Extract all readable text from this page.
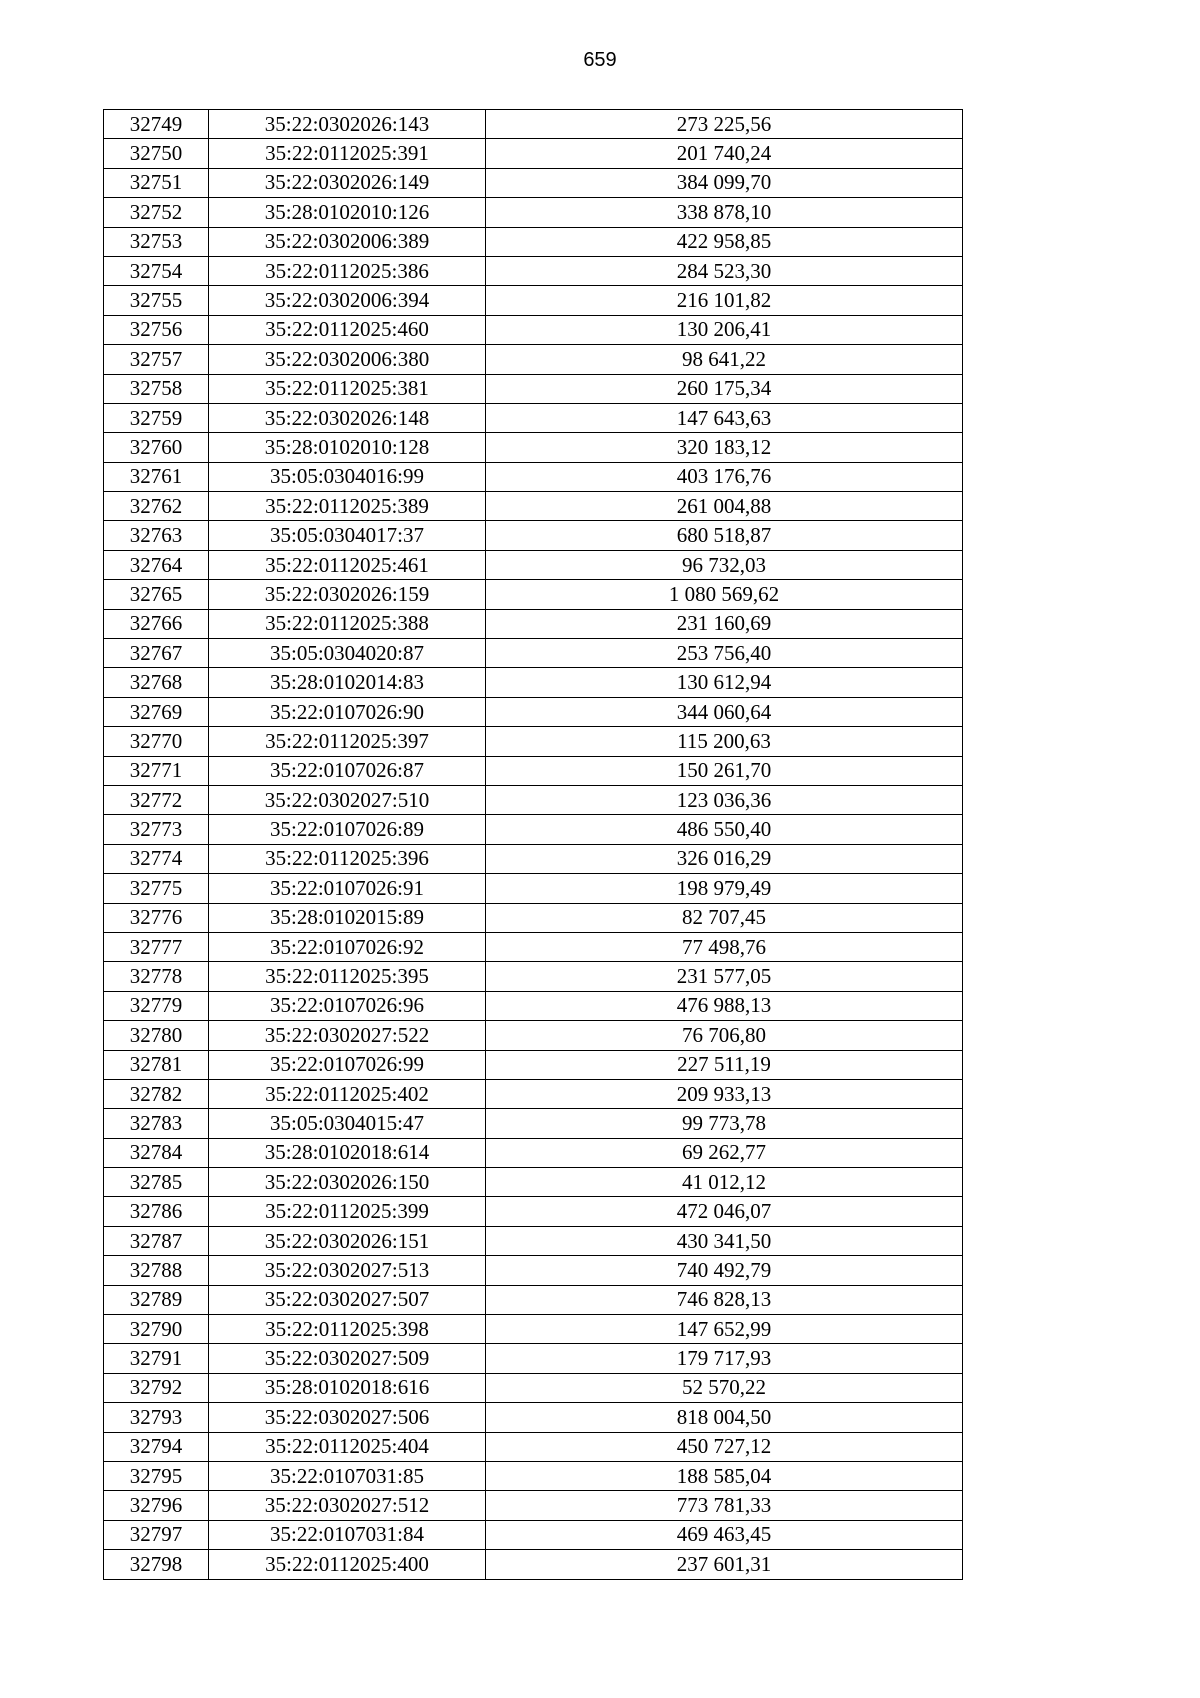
659
32749	35:22:0302026:143	273 225,56
32750	35:22:0112025:391	201 740,24
32751	35:22:0302026:149	384 099,70
32752	35:28:0102010:126	338 878,10
32753	35:22:0302006:389	422 958,85
32754	35:22:0112025:386	284 523,30
32755	35:22:0302006:394	216 101,82
32756	35:22:0112025:460	130 206,41
32757	35:22:0302006:380	98 641,22
32758	35:22:0112025:381	260 175,34
32759	35:22:0302026:148	147 643,63
32760	35:28:0102010:128	320 183,12
32761	35:05:0304016:99	403 176,76
32762	35:22:0112025:389	261 004,88
32763	35:05:0304017:37	680 518,87
32764	35:22:0112025:461	96 732,03
32765	35:22:0302026:159	1 080 569,62
32766	35:22:0112025:388	231 160,69
32767	35:05:0304020:87	253 756,40
32768	35:28:0102014:83	130 612,94
32769	35:22:0107026:90	344 060,64
32770	35:22:0112025:397	115 200,63
32771	35:22:0107026:87	150 261,70
32772	35:22:0302027:510	123 036,36
32773	35:22:0107026:89	486 550,40
32774	35:22:0112025:396	326 016,29
32775	35:22:0107026:91	198 979,49
32776	35:28:0102015:89	82 707,45
32777	35:22:0107026:92	77 498,76
32778	35:22:0112025:395	231 577,05
32779	35:22:0107026:96	476 988,13
32780	35:22:0302027:522	76 706,80
32781	35:22:0107026:99	227 511,19
32782	35:22:0112025:402	209 933,13
32783	35:05:0304015:47	99 773,78
32784	35:28:0102018:614	69 262,77
32785	35:22:0302026:150	41 012,12
32786	35:22:0112025:399	472 046,07
32787	35:22:0302026:151	430 341,50
32788	35:22:0302027:513	740 492,79
32789	35:22:0302027:507	746 828,13
32790	35:22:0112025:398	147 652,99
32791	35:22:0302027:509	179 717,93
32792	35:28:0102018:616	52 570,22
32793	35:22:0302027:506	818 004,50
32794	35:22:0112025:404	450 727,12
32795	35:22:0107031:85	188 585,04
32796	35:22:0302027:512	773 781,33
32797	35:22:0107031:84	469 463,45
32798	35:22:0112025:400	237 601,31
